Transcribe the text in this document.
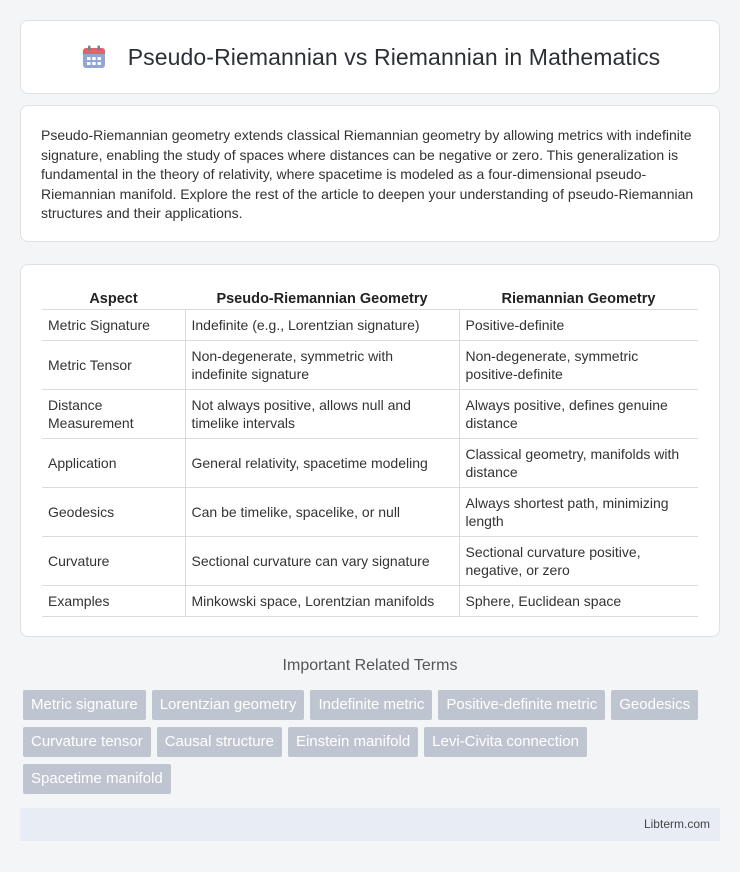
Pseudo-Riemannian vs Riemannian in Mathematics

Pseudo-Riemannian geometry extends classical Riemannian geometry by allowing metrics with indefinite signature, enabling the study of spaces where distances can be negative or zero. This generalization is fundamental in the theory of relativity, where spacetime is modeled as a four-dimensional pseudo-Riemannian manifold. Explore the rest of the article to deepen your understanding of pseudo-Riemannian structures and their applications.

Aspect	Pseudo-Riemannian Geometry	Riemannian Geometry
Metric Signature	Indefinite (e.g., Lorentzian signature)	Positive-definite
Metric Tensor	Non-degenerate, symmetric with indefinite signature	Non-degenerate, symmetric positive-definite
Distance Measurement	Not always positive, allows null and timelike intervals	Always positive, defines genuine distance
Application	General relativity, spacetime modeling	Classical geometry, manifolds with distance
Geodesics	Can be timelike, spacelike, or null	Always shortest path, minimizing length
Curvature	Sectional curvature can vary signature	Sectional curvature positive, negative, or zero
Examples	Minkowski space, Lorentzian manifolds	Sphere, Euclidean space
Important Related Terms
Metric signature	Lorentzian geometry	Indefinite metric	Positive-definite metric	Geodesics
Curvature tensor	Causal structure	Einstein manifold	Levi-Civita connection
Spacetime manifold
Libterm.com
